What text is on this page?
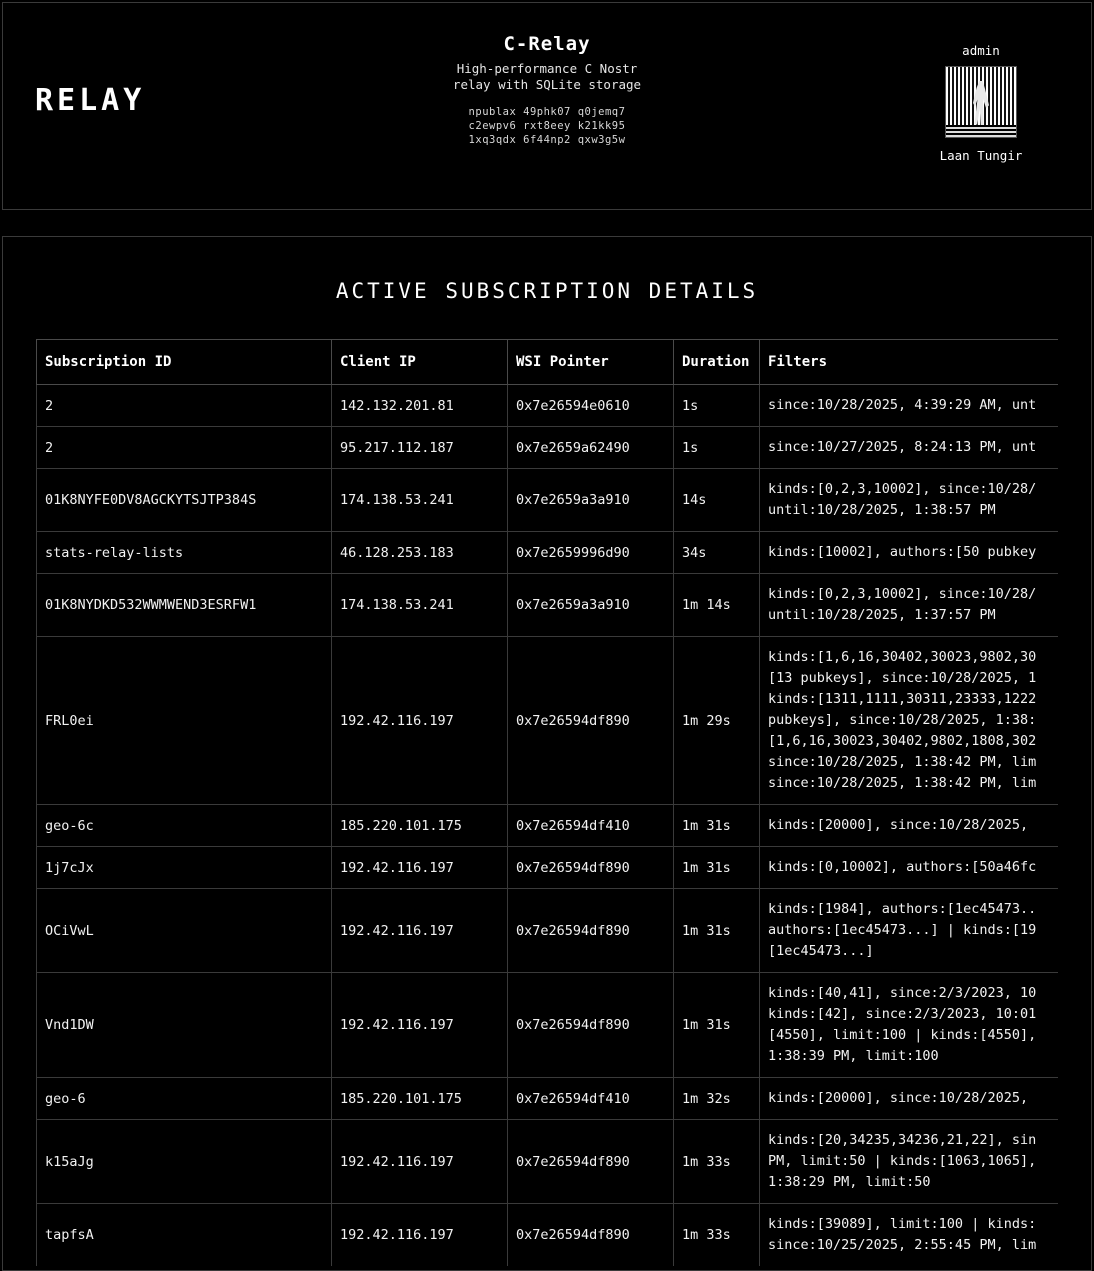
RELAY
C-Relay
High-performance C Nostr relay with SQLite storage
npublax 49phk07 q0jemq7
c2ewpv6 rxt8eey k21kk95
1xq3qdx 6f44np2 qxw3g5w
admin
Laan Tungir
ACTIVE SUBSCRIPTION DETAILS
Subscription ID	Client IP	WSI Pointer	Duration	Filters
2	142.132.201.81	0x7e26594e0610	1s	since:10/28/2025, 4:39:29 AM, unt

2	95.217.112.187	0x7e2659a62490	1s	since:10/27/2025, 8:24:13 PM, unt

01K8NYFE0DV8AGCKYTSJTP384S	174.138.53.241	0x7e2659a3a910	14s	kinds:[0,2,3,10002], since:10/28/
until:10/28/2025, 1:38:57 PM

stats-relay-lists	46.128.253.183	0x7e2659996d90	34s	kinds:[10002], authors:[50 pubkey

01K8NYDKD532WWMWEND3ESRFW1	174.138.53.241	0x7e2659a3a910	1m 14s	kinds:[0,2,3,10002], since:10/28/
until:10/28/2025, 1:37:57 PM

FRL0ei	192.42.116.197	0x7e26594df890	1m 29s	
kinds:[1,6,16,30402,30023,9802,30
[13 pubkeys], since:10/28/2025, 1
kinds:[1311,1111,30311,23333,1222
pubkeys], since:10/28/2025, 1:38:
[1,6,16,30023,30402,9802,1808,302
since:10/28/2025, 1:38:42 PM, lim
since:10/28/2025, 1:38:42 PM, lim

geo-6c	185.220.101.175	0x7e26594df410	1m 31s	kinds:[20000], since:10/28/2025,

1j7cJx	192.42.116.197	0x7e26594df890	1m 31s	kinds:[0,10002], authors:[50a46fc

OCiVwL	192.42.116.197	0x7e26594df890	1m 31s	kinds:[1984], authors:[1ec45473..
authors:[1ec45473...] | kinds:[19
[1ec45473...]

Vnd1DW	192.42.116.197	0x7e26594df890	1m 31s	kinds:[40,41], since:2/3/2023, 10
kinds:[42], since:2/3/2023, 10:01
[4550], limit:100 | kinds:[4550],
1:38:39 PM, limit:100

geo-6	185.220.101.175	0x7e26594df410	1m 32s	kinds:[20000], since:10/28/2025,

k15aJg	192.42.116.197	0x7e26594df890	1m 33s	kinds:[20,34235,34236,21,22], sin
PM, limit:50 | kinds:[1063,1065],
1:38:29 PM, limit:50

tapfsA	192.42.116.197	0x7e26594df890	1m 33s	kinds:[39089], limit:100 | kinds:
since:10/25/2025, 2:55:45 PM, lim
